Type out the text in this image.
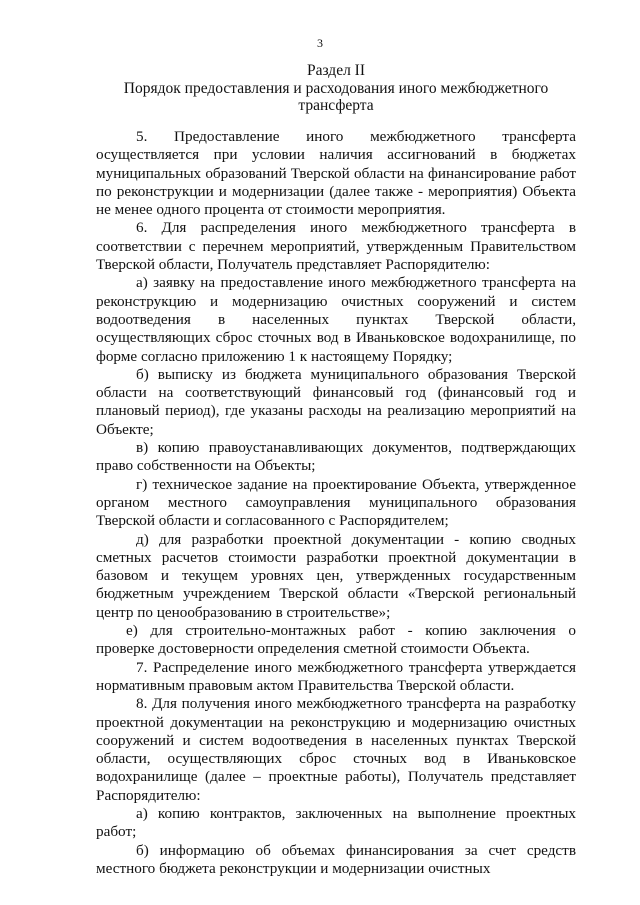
3
Раздел II
Порядок предоставления и расходования иного межбюджетного
трансферта

5. Предоставление иного межбюджетного трансферта осуществляется при условии наличия ассигнований в бюджетах муниципальных образований Тверской области на финансирование работ по реконструкции и модернизации (далее также - мероприятия) Объекта не менее одного процента от стоимости мероприятия.

6. Для распределения иного межбюджетного трансферта в соответствии с перечнем мероприятий, утвержденным Правительством Тверской области, Получатель представляет Распорядителю:

а) заявку на предоставление иного межбюджетного трансферта на реконструкцию и модернизацию очистных сооружений и систем водоотведения в населенных пунктах Тверской области, осуществляющих сброс сточных вод в Иваньковское водохранилище, по форме согласно приложению 1 к настоящему Порядку;

б) выписку из бюджета муниципального образования Тверской области на соответствующий финансовый год (финансовый год и плановый период), где указаны расходы на реализацию мероприятий на Объекте;

в) копию правоустанавливающих документов, подтверждающих право собственности на Объекты;

г) техническое задание на проектирование Объекта, утвержденное органом местного самоуправления муниципального образования Тверской области и согласованного с Распорядителем;

д) для разработки проектной документации - копию сводных сметных расчетов стоимости разработки проектной документации в базовом и текущем уровнях цен, утвержденных государственным бюджетным учреждением Тверской области «Тверской региональный центр по ценообразованию в строительстве»;

е) для строительно-монтажных работ - копию заключения о проверке достоверности определения сметной стоимости Объекта.

7. Распределение иного межбюджетного трансферта утверждается нормативным правовым актом Правительства Тверской области.

8. Для получения иного межбюджетного трансферта на разработку проектной документации на реконструкцию и модернизацию очистных сооружений и систем водоотведения в населенных пунктах Тверской области, осуществляющих сброс сточных вод в Иваньковское водохранилище (далее – проектные работы), Получатель представляет Распорядителю:

а) копию контрактов, заключенных на выполнение проектных работ;

б) информацию об объемах финансирования за счет средств местного бюджета реконструкции и модернизации очистных
